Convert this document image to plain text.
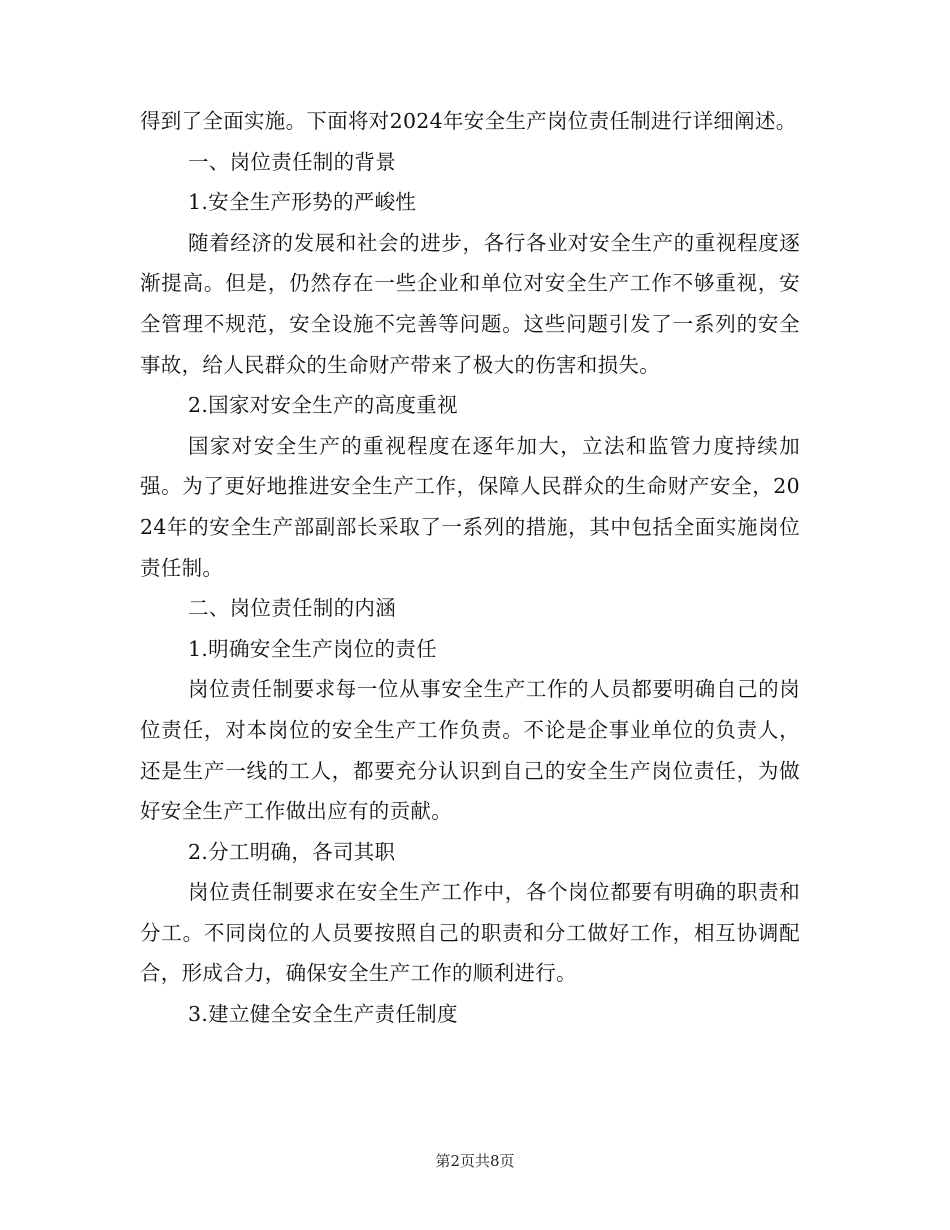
得到了全面实施。下面将对2024年安全生产岗位责任制进行详细阐述。

一、岗位责任制的背景

1.安全生产形势的严峻性

随着经济的发展和社会的进步，各行各业对安全生产的重视程度逐渐提高。但是，仍然存在一些企业和单位对安全生产工作不够重视，安全管理不规范，安全设施不完善等问题。这些问题引发了一系列的安全事故，给人民群众的生命财产带来了极大的伤害和损失。

2.国家对安全生产的高度重视

国家对安全生产的重视程度在逐年加大，立法和监管力度持续加强。为了更好地推进安全生产工作，保障人民群众的生命财产安全，2024年的安全生产部副部长采取了一系列的措施，其中包括全面实施岗位责任制。

二、岗位责任制的内涵

1.明确安全生产岗位的责任

岗位责任制要求每一位从事安全生产工作的人员都要明确自己的岗位责任，对本岗位的安全生产工作负责。不论是企事业单位的负责人，还是生产一线的工人，都要充分认识到自己的安全生产岗位责任，为做好安全生产工作做出应有的贡献。

2.分工明确，各司其职

岗位责任制要求在安全生产工作中，各个岗位都要有明确的职责和分工。不同岗位的人员要按照自己的职责和分工做好工作，相互协调配合，形成合力，确保安全生产工作的顺利进行。

3.建立健全安全生产责任制度

第2页共8页
